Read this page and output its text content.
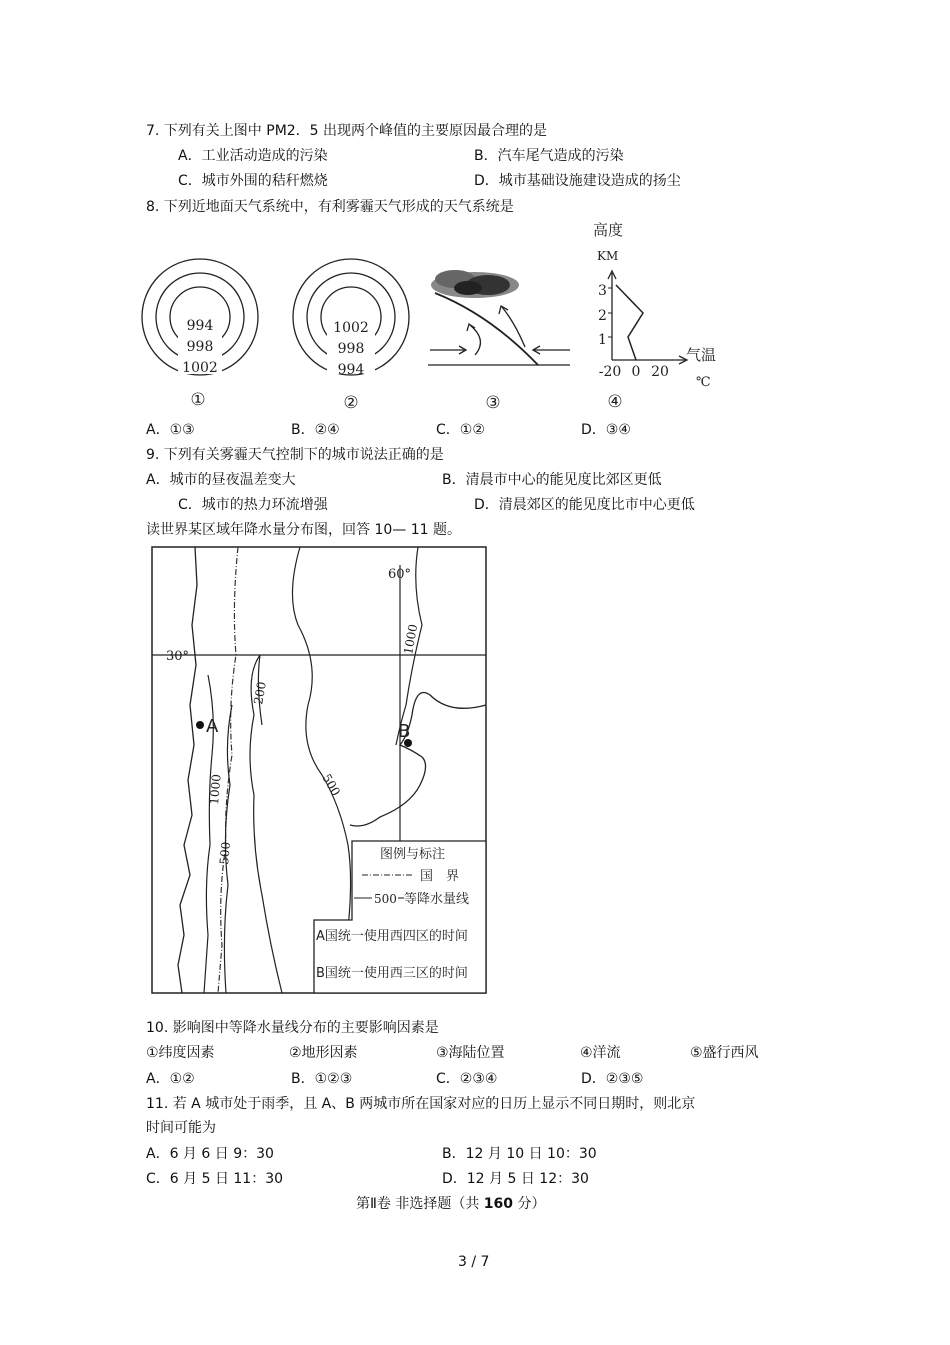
7. 下列有关上图中 PM2．5 出现两个峰值的主要原因最合理的是
A．工业活动造成的污染	B．汽车尾气造成的污染
C．城市外围的秸秆燃烧	D．城市基础设施建设造成的扬尘
8. 下列近地面天气系统中，有利雾霾天气形成的天气系统是
994
998
1002
①
1002
998
994
②	③
高度
KM
3
2
1
-20 0 20
气温
℃
④
A．①③	B．②④	C．①②	D．③④
9. 下列有关雾霾天气控制下的城市说法正确的是
A．城市的昼夜温差变大	B．清晨市中心的能见度比郊区更低
C．城市的热力环流增强	D．清晨郊区的能见度比市中心更低
读世界某区域年降水量分布图，回答 10— 11 题。
60°
30°
A	B
200
500
1000
1000
500	图例与标注
国　界
500 等降水量线
A国统一使用西四区的时间
B国统一使用西三区的时间
10. 影响图中等降水量线分布的主要影响因素是
①纬度因素	②地形因素	③海陆位置	④洋流	⑤盛行西风
A．①②	B．①②③	C．②③④	D．②③⑤
11. 若 A 城市处于雨季，且 A、B 两城市所在国家对应的日历上显示不同日期时，则北京
时间可能为
A．6 月 6 日 9：30	B．12 月 10 日 10：30
C．6 月 5 日 11：30	D．12 月 5 日 12：30
第Ⅱ卷 非选择题（共 160 分）
3 / 7
